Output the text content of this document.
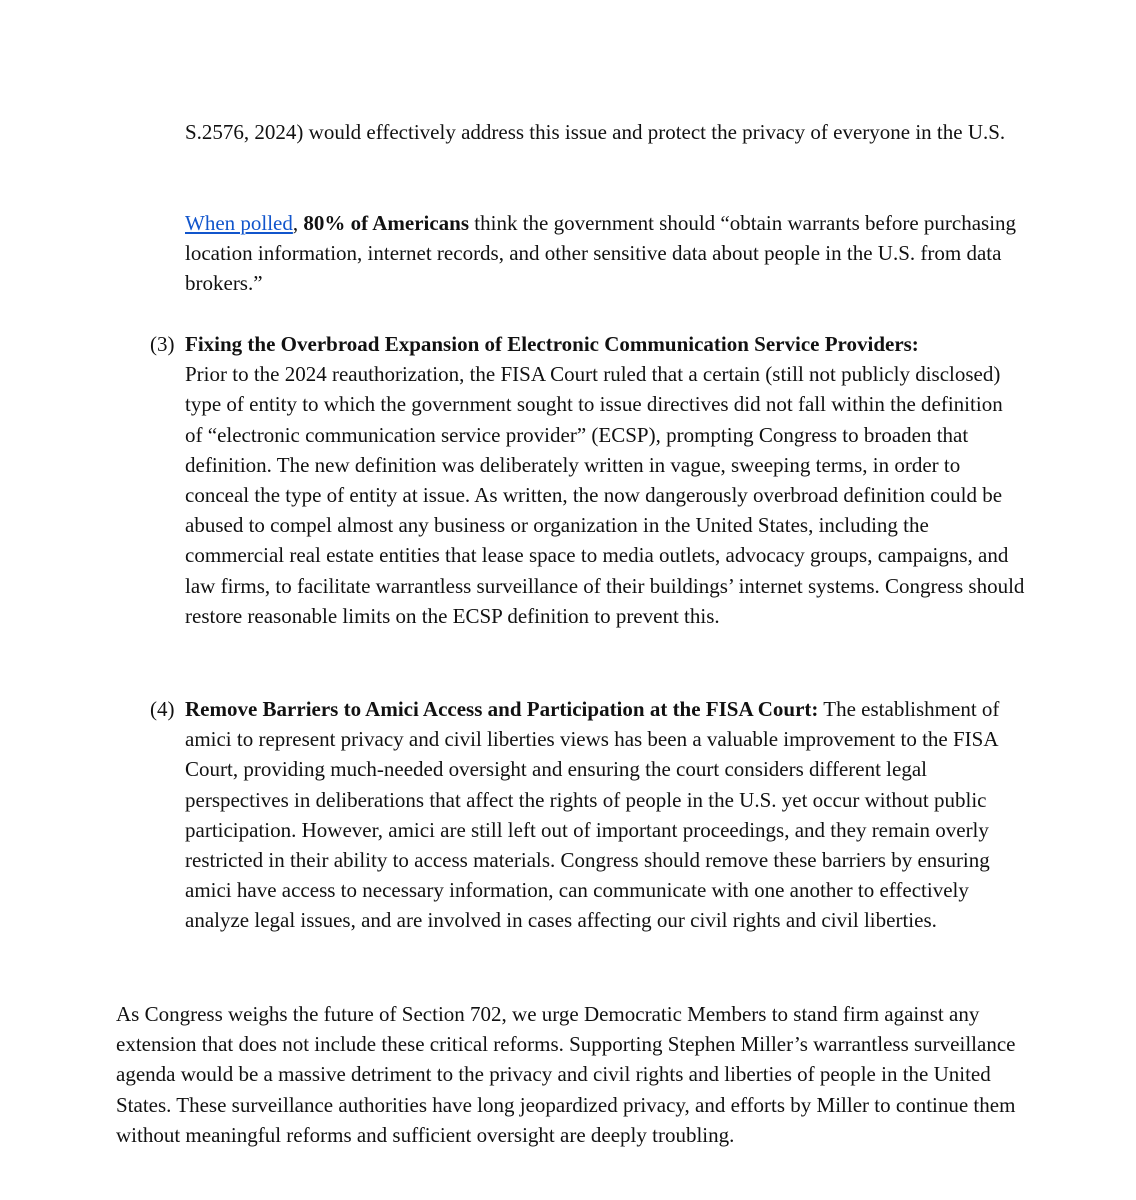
S.2576, 2024) would effectively address this issue and protect the privacy of everyone in the U.S.

When polled, 80% of Americans think the government should “obtain warrants before purchasing location information, internet records, and other sensitive data about people in the U.S. from data brokers.”

(3) Fixing the Overbroad Expansion of Electronic Communication Service Providers:
Prior to the 2024 reauthorization, the FISA Court ruled that a certain (still not publicly disclosed) type of entity to which the government sought to issue directives did not fall within the definition of “electronic communication service provider” (ECSP), prompting Congress to broaden that definition. The new definition was deliberately written in vague, sweeping terms, in order to conceal the type of entity at issue. As written, the now dangerously overbroad definition could be abused to compel almost any business or organization in the United States, including the commercial real estate entities that lease space to media outlets, advocacy groups, campaigns, and law firms, to facilitate warrantless surveillance of their buildings’ internet systems. Congress should restore reasonable limits on the ECSP definition to prevent this.

(4) Remove Barriers to Amici Access and Participation at the FISA Court: The establishment of amici to represent privacy and civil liberties views has been a valuable improvement to the FISA Court, providing much-needed oversight and ensuring the court considers different legal perspectives in deliberations that affect the rights of people in the U.S. yet occur without public participation. However, amici are still left out of important proceedings, and they remain overly restricted in their ability to access materials. Congress should remove these barriers by ensuring amici have access to necessary information, can communicate with one another to effectively analyze legal issues, and are involved in cases affecting our civil rights and civil liberties.

As Congress weighs the future of Section 702, we urge Democratic Members to stand firm against any extension that does not include these critical reforms. Supporting Stephen Miller’s warrantless surveillance agenda would be a massive detriment to the privacy and civil rights and liberties of people in the United States. These surveillance authorities have long jeopardized privacy, and efforts by Miller to continue them without meaningful reforms and sufficient oversight are deeply troubling.
